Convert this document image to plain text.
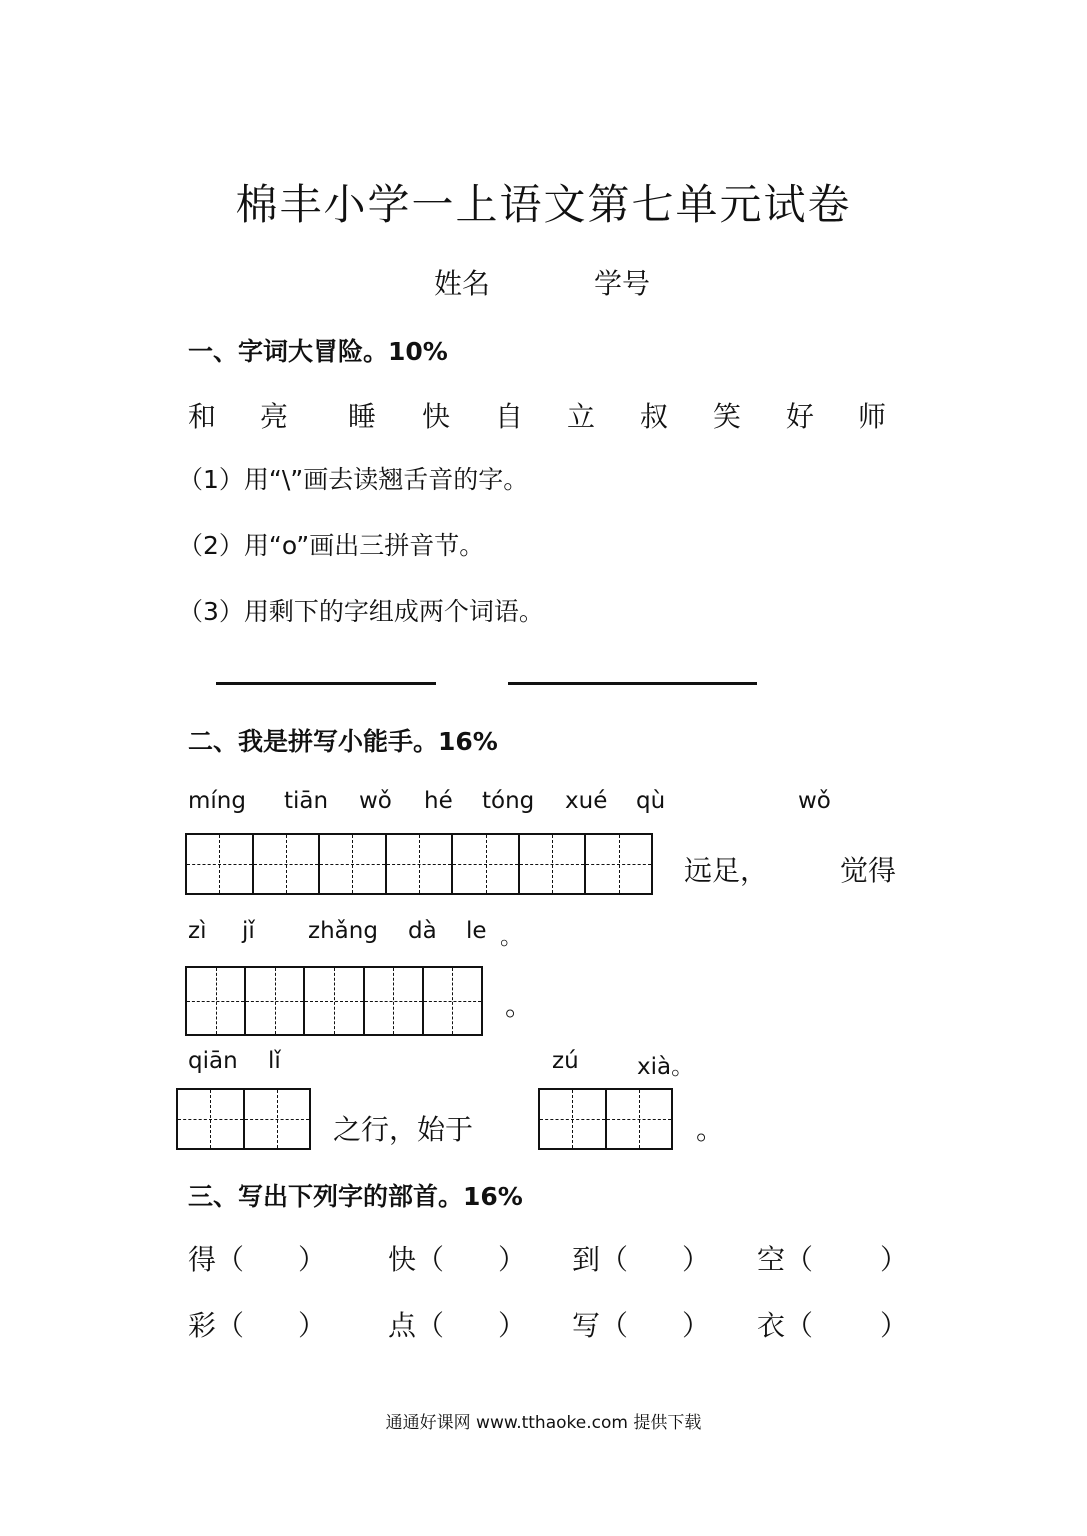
棉丰小学一上语文第七单元试卷
姓名	学号
一、字词大冒险。10%
和 亮 睡 快 自 立 叔 笑 好 师
（1）用“\”画去读翘舌音的字。
（2）用“o”画出三拼音节。
（3）用剩下的字组成两个词语。
二、我是拼写小能手。16%
míng tiān wǒ hé tóng xué qù	wǒ
远足，	觉得
zì jǐ zhǎng dà le 。
。
qiān lǐ	zú	xià。
之行，始于	。
三、写出下列字的部首。16%
得（ ） 快（ ） 到（ ） 空（ ）
彩（ ） 点（ ） 写（ ） 衣（ ）
通通好课网 www.tthaoke.com 提供下载
